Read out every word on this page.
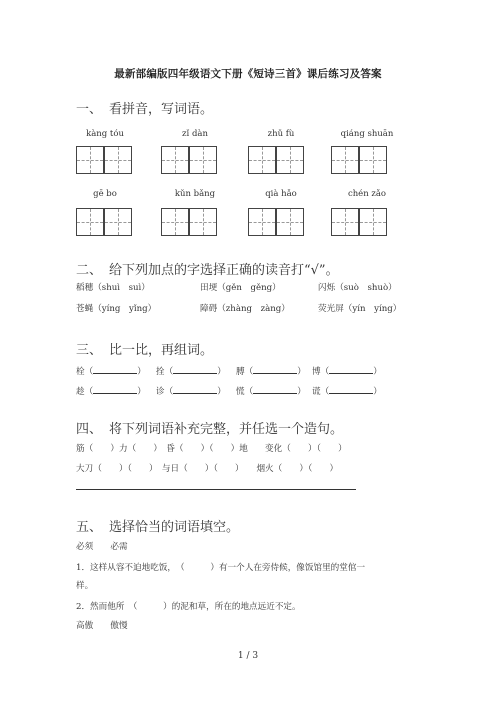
最新部编版四年级语文下册《短诗三首》课后练习及答案
一、 看拼音，写词语。
kàng tóu	zǐ dàn	zhǔ fù	qiáng shuān
gē bo	kǔn bǎng	qià hǎo	chén zǎo
二、 给下列加点的字选择正确的读音打“√”。
稻穗（shuì　suì）	田埂（gěn　gěng）	闪烁（suò　shuò）
苍蝇（yíng　yǐng）	障碍（zhàng　zàng）	荧光屏（yín　yíng）
三、 比一比，再组词。
栓（	） 拴（	） 膊（	） 博（	）
趁（	） 诊（	） 慌（	） 谎（	）
四、 将下列词语补充完整，并任选一个造句。
筋（　　）力（　　）　昏（　　）（　　）地　　变化（　　）（　　）
大刀（　　）（　　）　与日（　　）（　　）　　烟火（　　）（　　）
五、 选择恰当的词语填空。
必须　　必需
1．这样从容不迫地吃饭，　（　　　）有一个人在旁侍候，像饭馆里的堂倌一
样。
2．然而他所　（　　　）的泥和草，所在的地点远近不定。
高傲　　傲慢
1 / 3
